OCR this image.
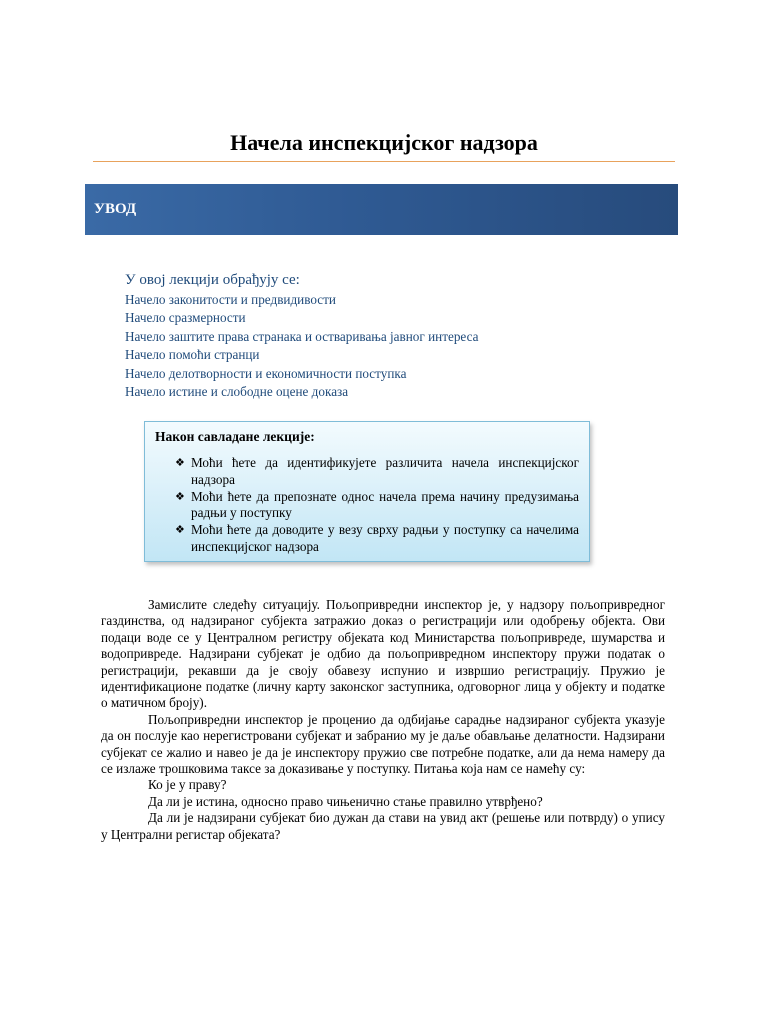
Начела инспекцијског надзора
УВОД
У овој лекцији обрађују се:
Начело законитости и предвидивости
Начело сразмерности
Начело заштите права странака и остваривања јавног интереса
Начело помоћи странци
Начело делотворности и економичности поступка
Начело истине и слободне оцене доказа
Након савладане лекције:
❖ Моћи ћете да идентификујете различита начела инспекцијског надзора
❖ Моћи ћете да препознате однос начела према начину предузимања радњи у поступку
❖ Моћи ћете да доводите у везу сврху радњи у поступку са начелима инспекцијског надзора

Замислите следећу ситуацију. Пољопривредни инспектор је, у надзору пољопривредног газдинства, од надзираног субјекта затражио доказ о регистрацији или одобрењу објекта. Ови подаци воде се у Централном регистру објеката код Министарства пољопривреде, шумарства и водопривреде. Надзирани субјекат је одбио да пољопривредном инспектору пружи податак о регистрацији, рекавши да је своју обавезу испунио и извршио регистрацију. Пружио је идентификационе податке (личну карту законског заступника, одговорног лица у објекту и податке о матичном броју).

Пољопривредни инспектор је проценио да одбијање сарадње надзираног субјекта указује да он послује као нерегистровани субјекат и забранио му је даље обављање делатности. Надзирани субјекат се жалио и навео је да је инспектору пружио све потребне податке, али да нема намеру да се излаже трошковима таксе за доказивање у поступку. Питања која нам се намећу су:

Ко је у праву?

Да ли је истина, односно право чињенично стање правилно утврђено?

Да ли је надзирани субјекат био дужан да стави на увид акт (решење или потврду) о упису у Централни регистар објеката?
